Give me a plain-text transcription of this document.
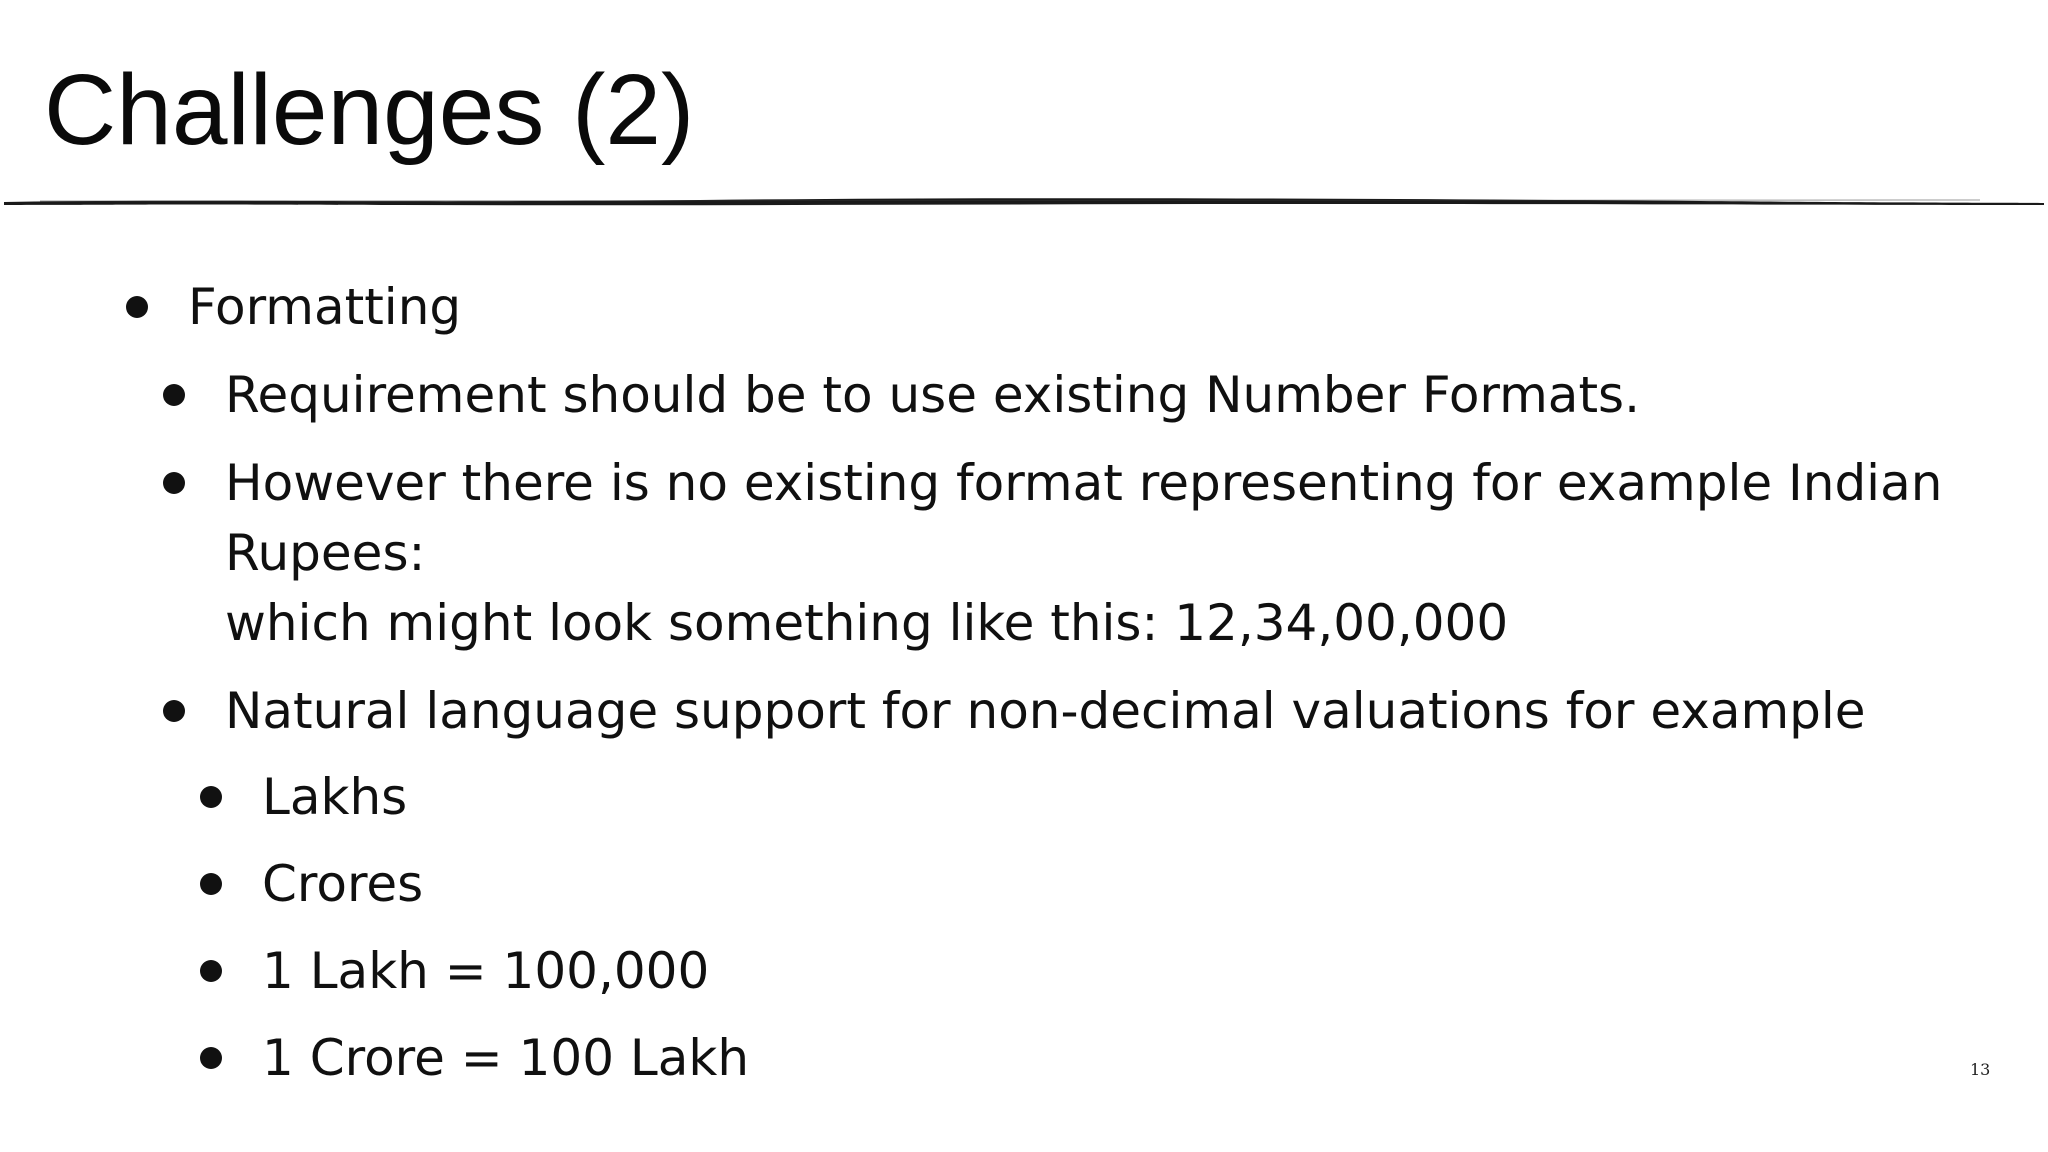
Challenges (2)
Formatting
Requirement should be to use existing Number Formats.
However there is no existing format representing for example Indian
Rupees:
which might look something like this: 12,34,00,000
Natural language support for non-decimal valuations for example
Lakhs
Crores
1 Lakh = 100,000
1 Crore = 100 Lakh	13
